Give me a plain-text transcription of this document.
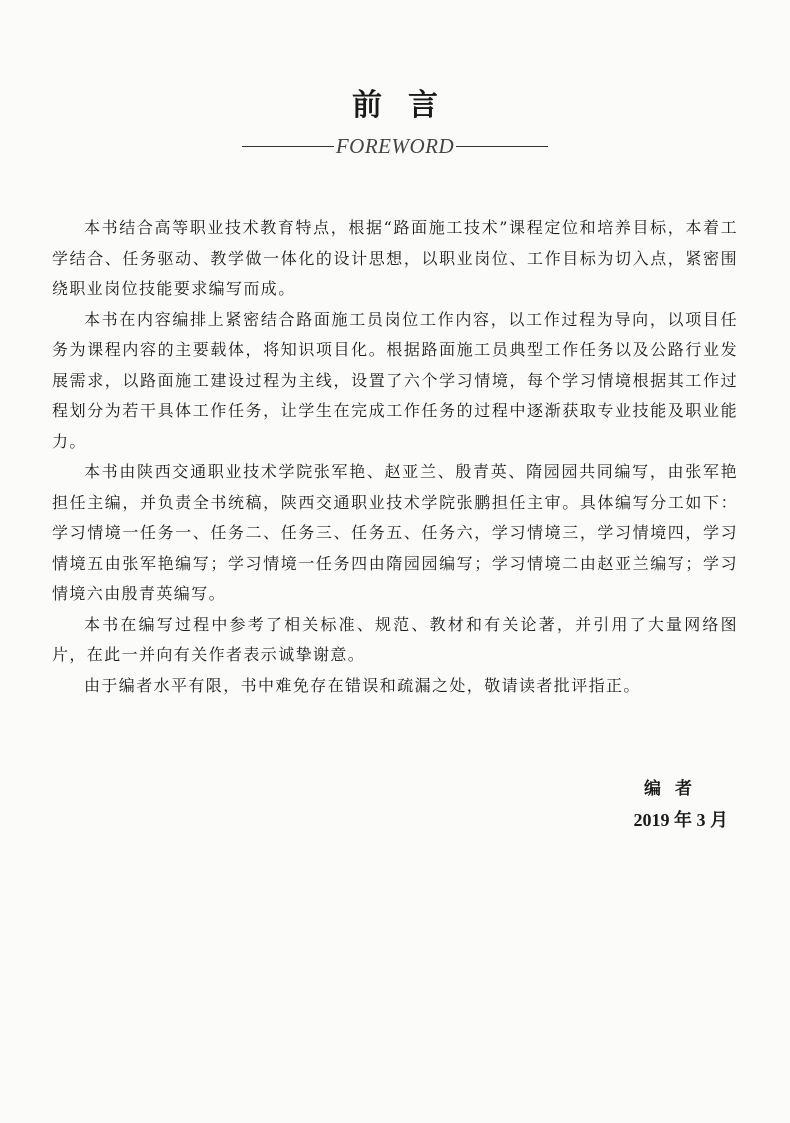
前言
FOREWORD

本书结合高等职业技术教育特点，根据“路面施工技术”课程定位和培养目标，本着工学结合、任务驱动、教学做一体化的设计思想，以职业岗位、工作目标为切入点，紧密围绕职业岗位技能要求编写而成。

本书在内容编排上紧密结合路面施工员岗位工作内容，以工作过程为导向，以项目任务为课程内容的主要载体，将知识项目化。根据路面施工员典型工作任务以及公路行业发展需求，以路面施工建设过程为主线，设置了六个学习情境，每个学习情境根据其工作过程划分为若干具体工作任务，让学生在完成工作任务的过程中逐渐获取专业技能及职业能力。

本书由陕西交通职业技术学院张军艳、赵亚兰、殷青英、隋园园共同编写，由张军艳担任主编，并负责全书统稿，陕西交通职业技术学院张鹏担任主审。具体编写分工如下：学习情境一任务一、任务二、任务三、任务五、任务六，学习情境三，学习情境四，学习情境五由张军艳编写；学习情境一任务四由隋园园编写；学习情境二由赵亚兰编写；学习情境六由殷青英编写。

本书在编写过程中参考了相关标准、规范、教材和有关论著，并引用了大量网络图片，在此一并向有关作者表示诚挚谢意。

由于编者水平有限，书中难免存在错误和疏漏之处，敬请读者批评指正。

编者
2019 年 3 月
